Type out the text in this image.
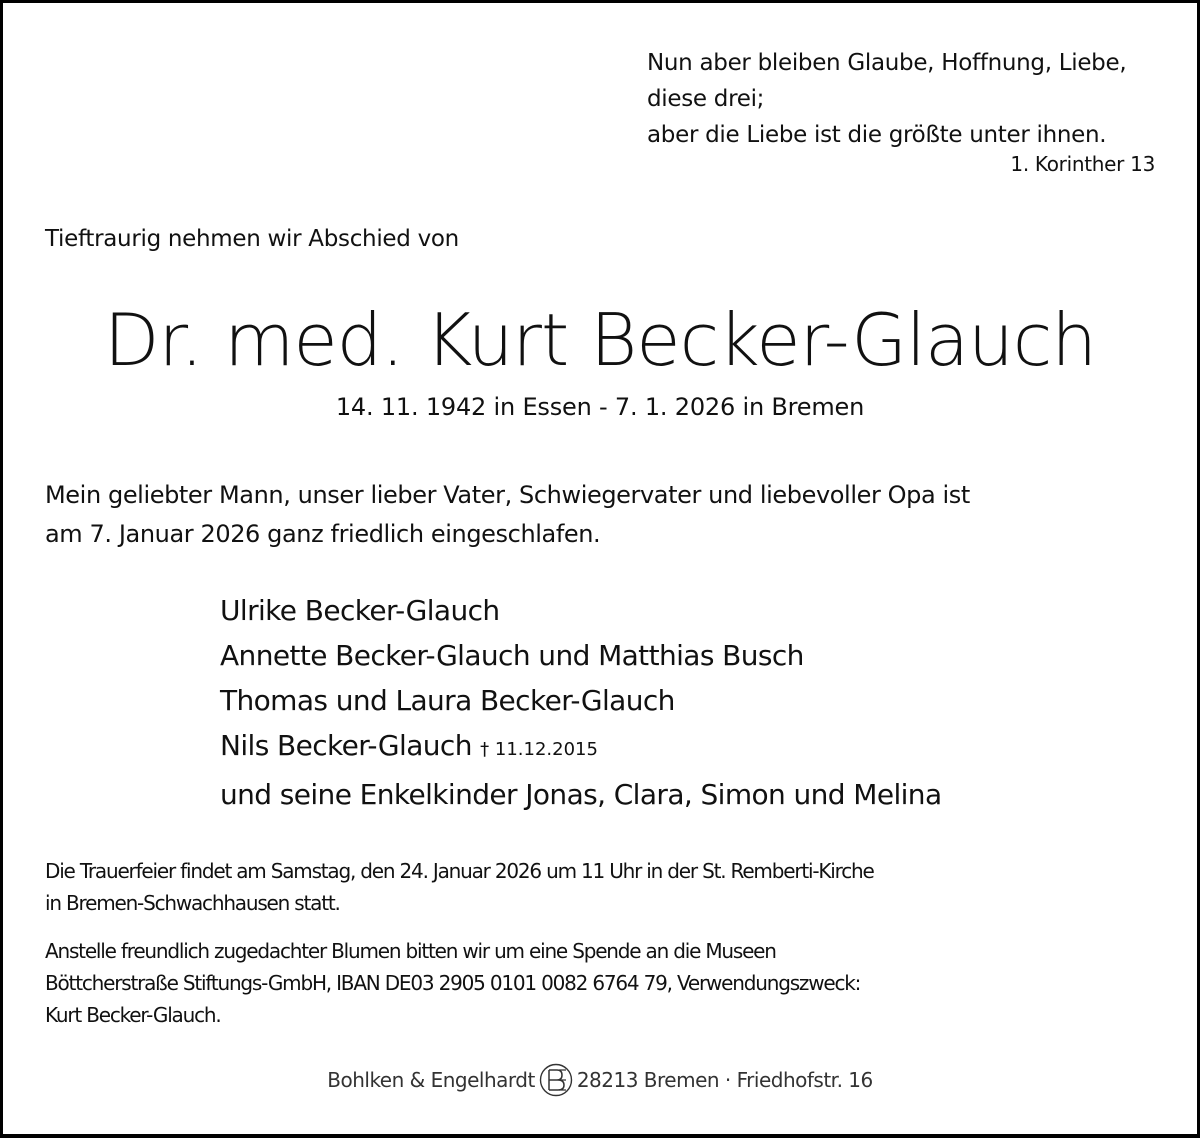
Nun aber bleiben Glaube, Hoffnung, Liebe,
diese drei;
aber die Liebe ist die größte unter ihnen.
1. Korinther 13
Tieftraurig nehmen wir Abschied von
Dr. med. Kurt Becker-Glauch
14. 11. 1942 in Essen - 7. 1. 2026 in Bremen
Mein geliebter Mann, unser lieber Vater, Schwiegervater und liebevoller Opa ist
am 7. Januar 2026 ganz friedlich eingeschlafen.
Ulrike Becker-Glauch
Annette Becker-Glauch und Matthias Busch
Thomas und Laura Becker-Glauch
Nils Becker-Glauch † 11.12.2015
und seine Enkelkinder Jonas, Clara, Simon und Melina
Die Trauerfeier findet am Samstag, den 24. Januar 2026 um 11 Uhr in der St. Remberti-Kirche
in Bremen-Schwachhausen statt.
Anstelle freundlich zugedachter Blumen bitten wir um eine Spende an die Museen
Böttcherstraße Stiftungs-GmbH, IBAN DE03 2905 0101 0082 6764 79, Verwendungszweck:
Kurt Becker-Glauch.
Bohlken & Engelhardt 28213 Bremen · Friedhofstr. 16
